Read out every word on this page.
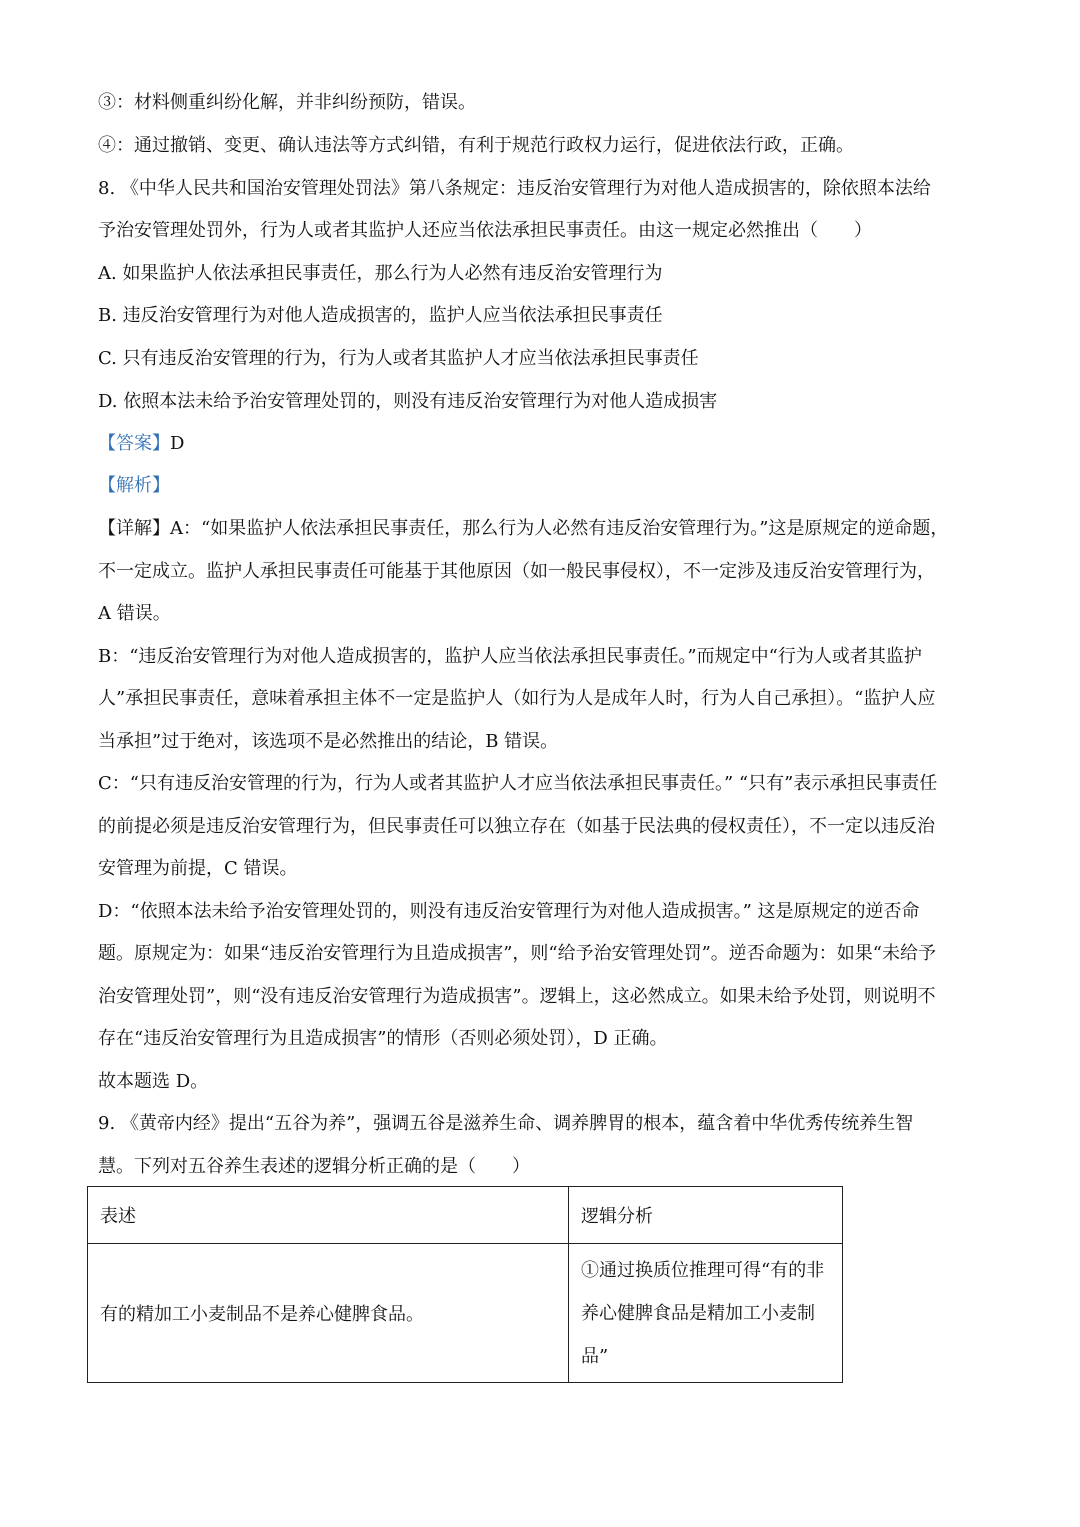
③：材料侧重纠纷化解，并非纠纷预防，错误。
④：通过撤销、变更、确认违法等方式纠错，有利于规范行政权力运行，促进依法行政，正确。
8. 《中华人民共和国治安管理处罚法》第八条规定：违反治安管理行为对他人造成损害的，除依照本法给
予治安管理处罚外，行为人或者其监护人还应当依法承担民事责任。由这一规定必然推出（　　）
A. 如果监护人依法承担民事责任，那么行为人必然有违反治安管理行为
B. 违反治安管理行为对他人造成损害的，监护人应当依法承担民事责任
C. 只有违反治安管理的行为，行为人或者其监护人才应当依法承担民事责任
D. 依照本法未给予治安管理处罚的，则没有违反治安管理行为对他人造成损害
【答案】D
【解析】
【详解】A：“如果监护人依法承担民事责任，那么行为人必然有违反治安管理行为。”这是原规定的逆命题，
不一定成立。监护人承担民事责任可能基于其他原因（如一般民事侵权），不一定涉及违反治安管理行为，
A 错误。
B：“违反治安管理行为对他人造成损害的，监护人应当依法承担民事责任。”而规定中“行为人或者其监护
人”承担民事责任，意味着承担主体不一定是监护人（如行为人是成年人时，行为人自己承担）。“监护人应
当承担”过于绝对，该选项不是必然推出的结论，B 错误。
C：“只有违反治安管理的行为，行为人或者其监护人才应当依法承担民事责任。” “只有”表示承担民事责任
的前提必须是违反治安管理行为，但民事责任可以独立存在（如基于民法典的侵权责任），不一定以违反治
安管理为前提，C 错误。
D：“依照本法未给予治安管理处罚的，则没有违反治安管理行为对他人造成损害。” 这是原规定的逆否命
题。原规定为：如果“违反治安管理行为且造成损害”，则“给予治安管理处罚”。逆否命题为：如果“未给予
治安管理处罚”，则“没有违反治安管理行为造成损害”。逻辑上，这必然成立。如果未给予处罚，则说明不
存在“违反治安管理行为且造成损害”的情形（否则必须处罚），D 正确。
故本题选 D。
9. 《黄帝内经》提出“五谷为养”，强调五谷是滋养生命、调养脾胃的根本，蕴含着中华优秀传统养生智
慧。下列对五谷养生表述的逻辑分析正确的是（　　）
表述	逻辑分析
有的精加工小麦制品不是养心健脾食品。	①通过换质位推理可得“有的非养心健脾食品是精加工小麦制品”
